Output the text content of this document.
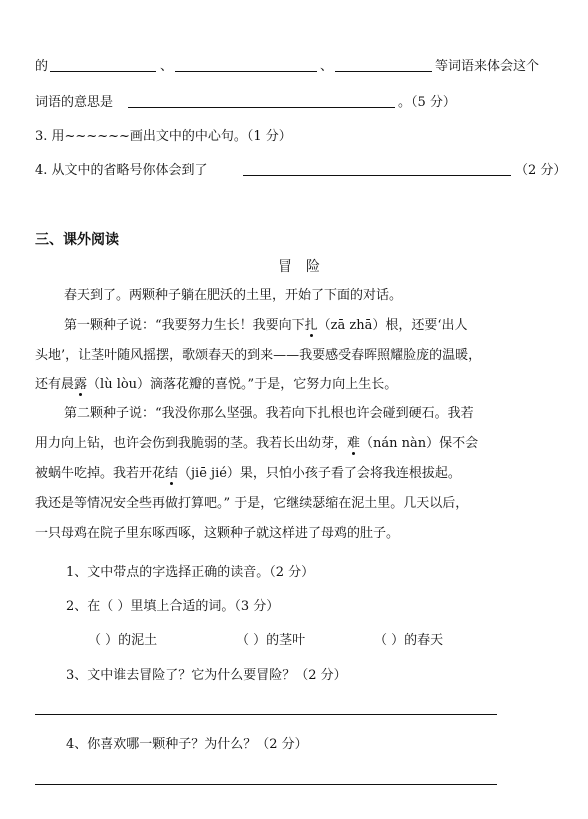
的	、	、	等词语来体会这个
词语的意思是	。（5 分）
3. 用~~~~~~画出文中的中心句。（1 分）
4. 从文中的省略号你体会到了	（2 分）
三、课外阅读
冒险
春天到了。两颗种子躺在肥沃的土里，开始了下面的对话。
第一颗种子说：“我要努力生长！我要向下扎（zā zhā）根，还要‘出人
头地’，让茎叶随风摇摆，歌颂春天的到来——我要感受春晖照耀脸庞的温暖，
还有晨露（lù lòu）滴落花瓣的喜悦。”于是，它努力向上生长。
第二颗种子说：“我没你那么坚强。我若向下扎根也许会碰到硬石。我若
用力向上钻，也许会伤到我脆弱的茎。我若长出幼芽，难（nán nàn）保不会
被蜗牛吃掉。我若开花结（jiē jié）果，只怕小孩子看了会将我连根拔起。
我还是等情况安全些再做打算吧。” 于是，它继续瑟缩在泥土里。几天以后，
一只母鸡在院子里东啄西啄，这颗种子就这样进了母鸡的肚子。
1、文中带点的字选择正确的读音。（2 分）
2、在（ ）里填上合适的词。（3 分）
（ ）的泥土	（ ）的茎叶	（ ）的春天
3、文中谁去冒险了？它为什么要冒险？（2 分）
4、你喜欢哪一颗种子？为什么？（2 分）
